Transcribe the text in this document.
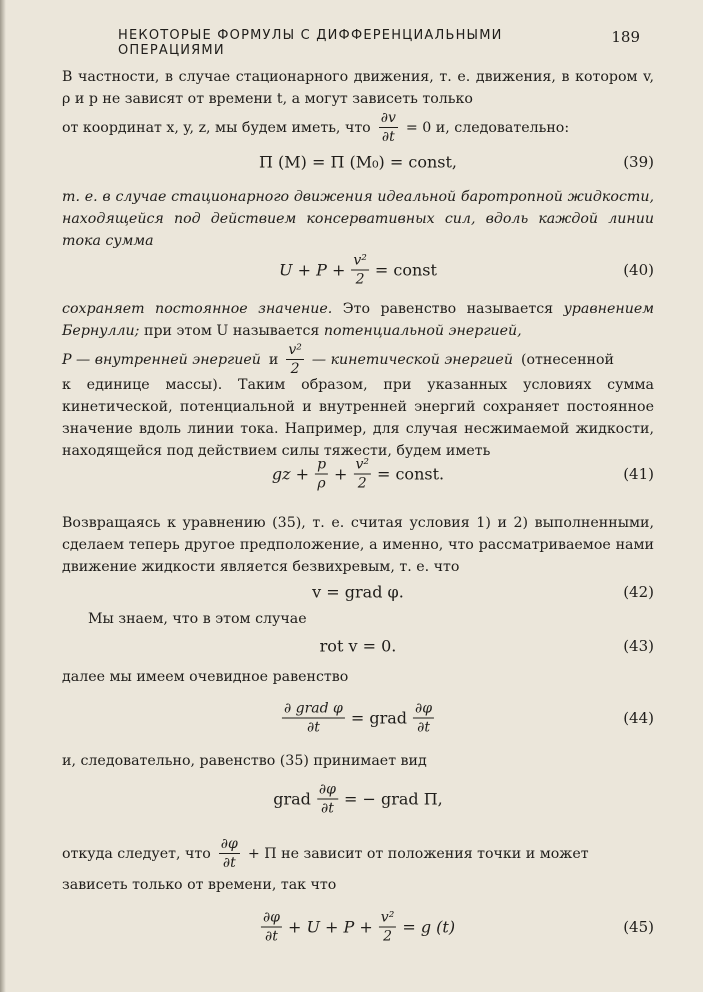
НЕКОТОРЫЕ ФОРМУЛЫ С ДИФФЕРЕНЦИАЛЬНЫМИ ОПЕРАЦИЯМИ
189

В частности, в случае стационарного движения, т. е. движения, в котором v, ρ и p не зависят от времени t, а могут зависеть только

от координат x, y, z, мы будем иметь, что $\frac{\partial v}{\partial t} = 0$ и, следовательно:
Π (M) = Π (M₀) = const,	(39)

т. е. в случае стационарного движения идеальной баротропной жидкости, находящейся под действием консервативных сил, вдоль каждой линии тока сумма

$U + P + \frac{\text{v²}}{2}$ = const	(40)
сохраняет постоянное значение. Это равенство называется уравнением Бернулли; при этом U называется потенциальной энергией,
P — внутренней энергией и $\frac{\text{v²}}{2}$ — кинетической энергией (отнесенной

к единице массы). Таким образом, при указанных условиях сумма кинетической, потенциальной и внутренней энергий сохраняет постоянное значение вдоль линии тока. Например, для случая несжимаемой жидкости, находящейся под действием силы тяжести, будем иметь

gz + $\frac{p}{\rho} + \frac{\text{v²}}{2}$ = const.	(41)

Возвращаясь к уравнению (35), т. е. считая условия 1) и 2) выполненными, сделаем теперь другое предположение, а именно, что рассматриваемое нами движение жидкости является безвихревым, т. е. что

v = grad φ.	(42)

Мы знаем, что в этом случае

rot v = 0.	(43)

далее мы имеем очевидное равенство

$\frac{\text{∂ grad φ}}{\partial t}$ = grad $\frac{\partial\varphi}{\partial t}$	(44)

и, следовательно, равенство (35) принимает вид

grad $\frac{\partial\varphi}{\partial t}$ = − grad Π,
откуда следует, что $\frac{\partial\varphi}{\partial t} + \Pi$ не зависит от положения точки и может

зависеть только от времени, так что

$\frac{\partial\varphi}{\partial t} + U + P + \frac{\text{v²}}{2} = g$ (t)	(45)
